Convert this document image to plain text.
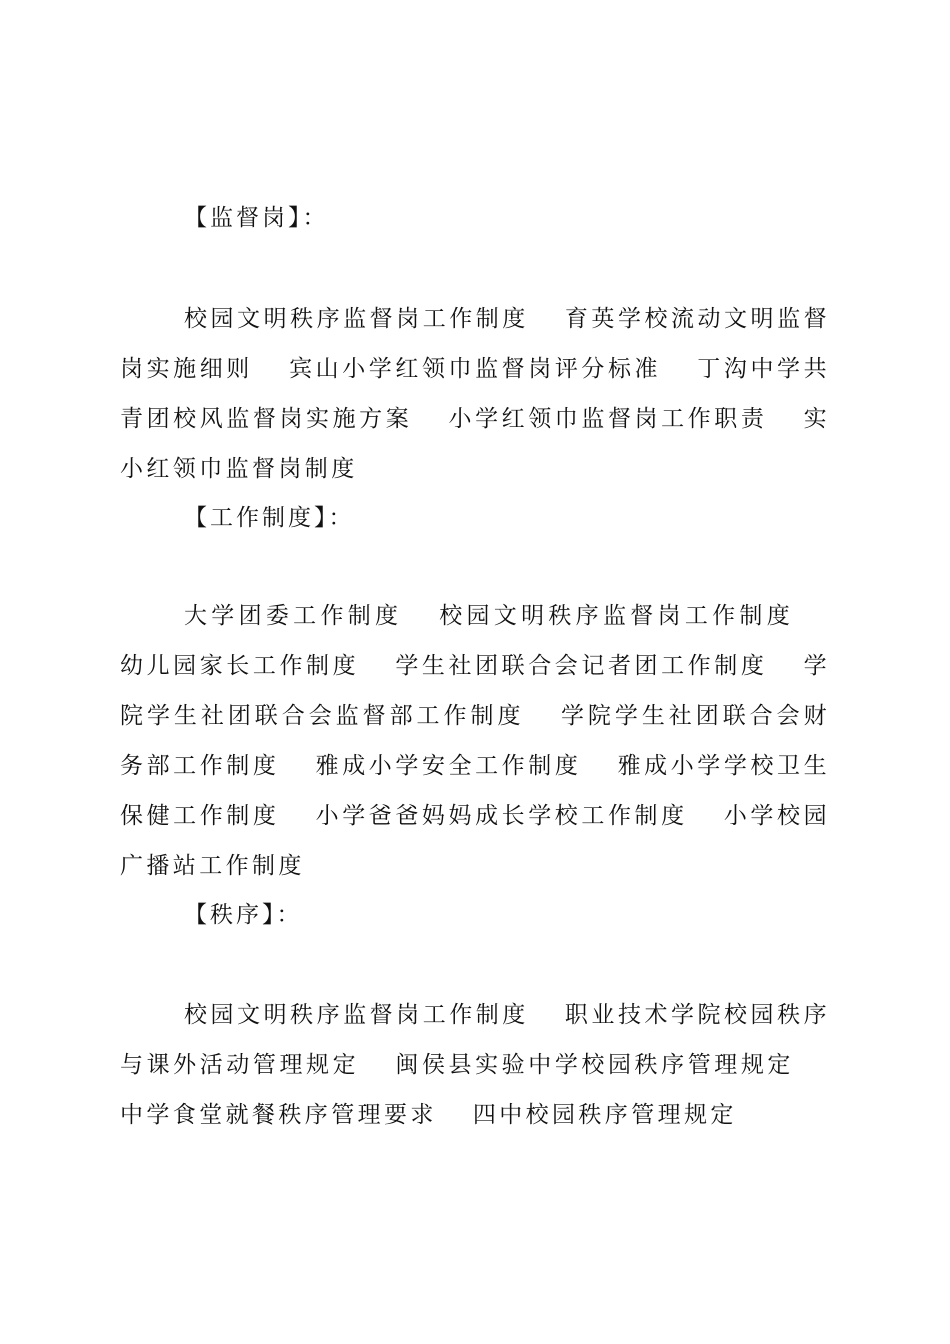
【监督岗】：
校园文明秩序监督岗工作制度 育英学校流动文明监督岗实施细则 宾山小学红领巾监督岗评分标准 丁沟中学共青团校风监督岗实施方案 小学红领巾监督岗工作职责 实小红领巾监督岗制度
【工作制度】：
大学团委工作制度 校园文明秩序监督岗工作制度幼儿园家长工作制度 学生社团联合会记者团工作制度 学院学生社团联合会监督部工作制度 学院学生社团联合会财务部工作制度 雅成小学安全工作制度 雅成小学学校卫生保健工作制度 小学爸爸妈妈成长学校工作制度 小学校园广播站工作制度
【秩序】：
校园文明秩序监督岗工作制度 职业技术学院校园秩序与课外活动管理规定 闽侯县实验中学校园秩序管理规定中学食堂就餐秩序管理要求 四中校园秩序管理规定
